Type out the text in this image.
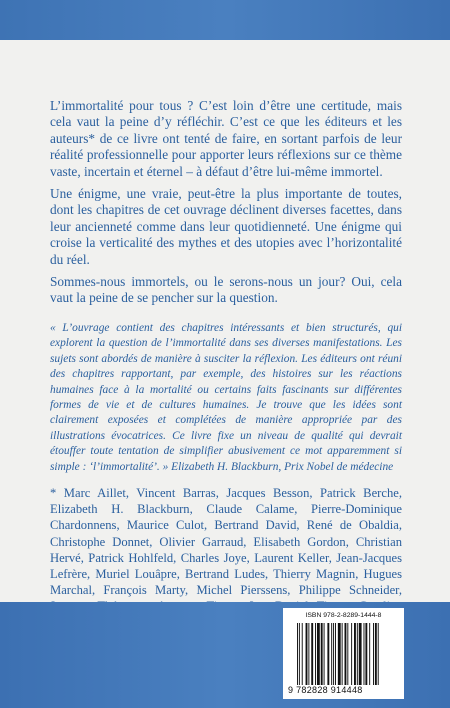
L’immortalité pour tous ? C’est loin d’être une certitude, mais cela vaut la peine d’y réfléchir. C’est ce que les éditeurs et les auteurs* de ce livre ont tenté de faire, en sortant parfois de leur réalité professionnelle pour apporter leurs réflexions sur ce thème vaste, incertain et éternel – à défaut d’être lui-même immortel.

Une énigme, une vraie, peut-être la plus importante de toutes, dont les chapitres de cet ouvrage déclinent diverses facettes, dans leur ancienneté comme dans leur quotidienneté. Une énigme qui croise la verticalité des mythes et des utopies avec l’horizontalité du réel.

Sommes-nous immortels, ou le serons-nous un jour? Oui, cela vaut la peine de se pencher sur la question.

« L’ouvrage contient des chapitres intéressants et bien structurés, qui explorent la question de l’immortalité dans ses diverses manifestations. Les sujets sont abordés de manière à susciter la réflexion. Les éditeurs ont réuni des chapitres rapportant, par exemple, des histoires sur les réactions humaines face à la mortalité ou certains faits fascinants sur différentes formes de vie et de cultures humaines. Je trouve que les idées sont clairement exposées et complétées de manière appropriée par des illustrations évocatrices. Ce livre fixe un niveau de qualité qui devrait étouffer toute tentation de simplifier abusivement ce mot apparemment si simple : ‘l’immortalité’. » Elizabeth H. Blackburn, Prix Nobel de médecine

* Marc Aillet, Vincent Barras, Jacques Besson, Patrick Berche, Elizabeth H. Blackburn, Claude Calame, Pierre-Dominique Chardonnens, Maurice Culot, Bertrand David, René de Obaldia, Christophe Donnet, Olivier Garraud, Elisabeth Gordon, Christian Hervé, Patrick Hohlfeld, Charles Joye, Laurent Keller, Jean-Jacques Lefrère, Muriel Louâpre, Bertrand Ludes, Thierry Magnin, Hugues Marchal, François Marty, Michel Pierssens, Philippe Schneider,

ISBN 978-2-8289-1444-8
9 782828 914448
